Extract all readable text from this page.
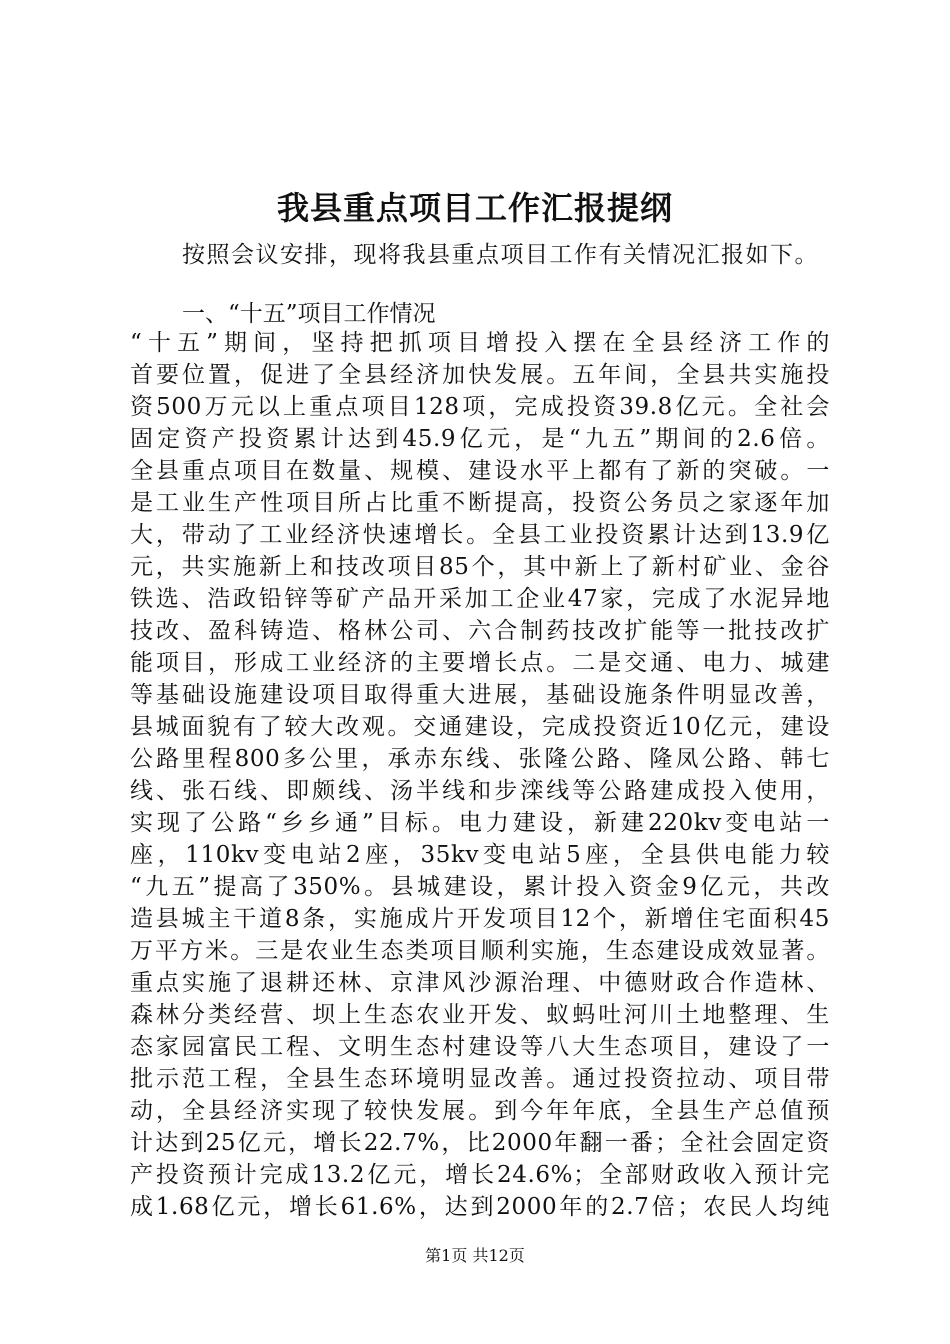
我县重点项目工作汇报提纲

按照会议安排，现将我县重点项目工作有关情况汇报如下。

一、“十五”项目工作情况

“十五”期间，坚持把抓项目增投入摆在全县经济工作的
首要位置，促进了全县经济加快发展。五年间，全县共实施投
资500万元以上重点项目128项，完成投资39.8亿元。全社会
固定资产投资累计达到45.9亿元，是“九五”期间的2.6倍。
全县重点项目在数量、规模、建设水平上都有了新的突破。一
是工业生产性项目所占比重不断提高，投资公务员之家逐年加
大，带动了工业经济快速增长。全县工业投资累计达到13.9亿
元，共实施新上和技改项目85个，其中新上了新村矿业、金谷
铁选、浩政铅锌等矿产品开采加工企业47家，完成了水泥异地
技改、盈科铸造、格林公司、六合制药技改扩能等一批技改扩
能项目，形成工业经济的主要增长点。二是交通、电力、城建
等基础设施建设项目取得重大进展，基础设施条件明显改善，
县城面貌有了较大改观。交通建设，完成投资近10亿元，建设
公路里程800多公里，承赤东线、张隆公路、隆凤公路、韩七
线、张石线、即颇线、汤半线和步滦线等公路建成投入使用，
实现了公路“乡乡通”目标。电力建设，新建220kv变电站一
座，110kv变电站2座，35kv变电站5座，全县供电能力较
“九五”提高了350%。县城建设，累计投入资金9亿元，共改
造县城主干道8条，实施成片开发项目12个，新增住宅面积45
万平方米。三是农业生态类项目顺利实施，生态建设成效显著。
重点实施了退耕还林、京津风沙源治理、中德财政合作造林、
森林分类经营、坝上生态农业开发、蚁蚂吐河川土地整理、生
态家园富民工程、文明生态村建设等八大生态项目，建设了一
批示范工程，全县生态环境明显改善。通过投资拉动、项目带
动，全县经济实现了较快发展。到今年年底，全县生产总值预
计达到25亿元，增长22.7%，比2000年翻一番；全社会固定资
产投资预计完成13.2亿元，增长24.6%；全部财政收入预计完
成1.68亿元，增长61.6%，达到2000年的2.7倍；农民人均纯

第1页 共12页
